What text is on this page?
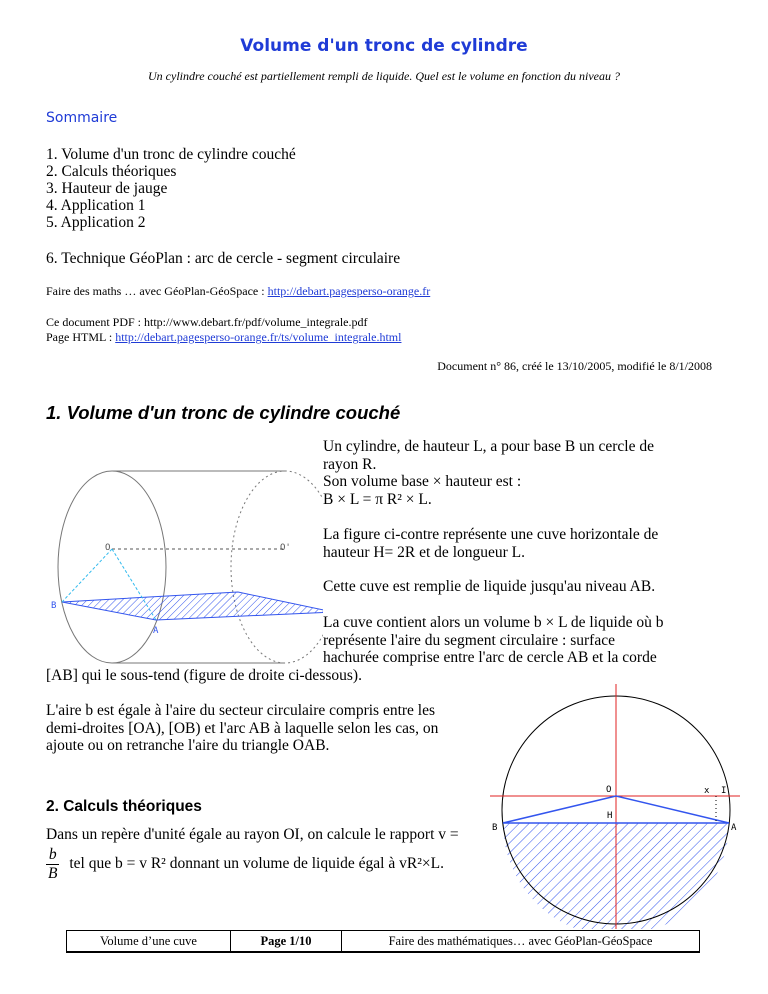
Volume d'un tronc de cylindre
Un cylindre couché est partiellement rempli de liquide. Quel est le volume en fonction du niveau ?
Sommaire
1. Volume d'un tronc de cylindre couché
2. Calculs théoriques
3. Hauteur de jauge
4. Application 1
5. Application 2
6. Technique GéoPlan : arc de cercle - segment circulaire
Faire des maths … avec GéoPlan-GéoSpace : http://debart.pagesperso-orange.fr
Ce document PDF : http://www.debart.fr/pdf/volume_integrale.pdf
Page HTML : http://debart.pagesperso-orange.fr/ts/volume_integrale.html
Document n° 86, créé le 13/10/2005, modifié le 8/1/2008
1. Volume d'un tronc de cylindre couché
Un cylindre, de hauteur L, a pour base B un cercle de
rayon R.
Son volume base × hauteur est :
B × L = π R² × L.
La figure ci-contre représente une cuve horizontale de
hauteur H= 2R et de longueur L.
Cette cuve est remplie de liquide jusqu'au niveau AB.
La cuve contient alors un volume b × L de liquide où b
représente l'aire du segment circulaire : surface
hachurée comprise entre l'arc de cercle AB et la corde
[AB] qui le sous-tend (figure de droite ci-dessous).
L'aire b est égale à l'aire du secteur circulaire compris entre les
demi-droites [OA), [OB) et l'arc AB à laquelle selon les cas, on
ajoute ou on retranche l'aire du triangle OAB.
2. Calculs théoriques
Dans un repère d'unité égale au rayon OI, on calcule le rapport v =
$\frac{b}{B}$ tel que b = v R² donnant un volume de liquide égal à vR²×L.
O	O'
B
A
O
H
B	A
x I
Volume d’une cuve	Page 1/10	Faire des mathématiques… avec GéoPlan-GéoSpace
